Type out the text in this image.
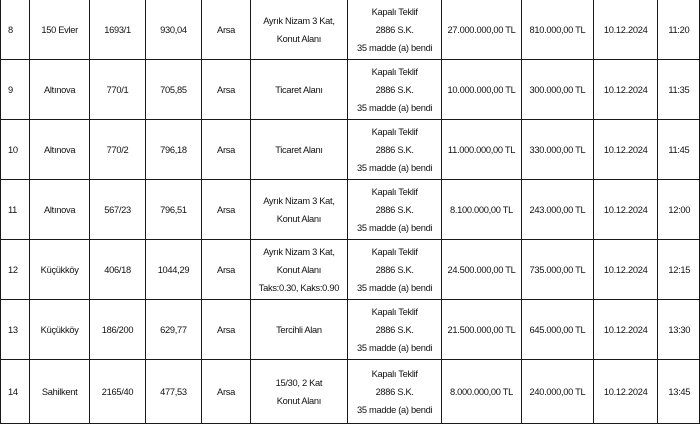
8	150 Evler	1693/1	930,04	Arsa	Ayrık Nizam 3 Kat,
Konut Alanı	Kapalı Teklif
2886 S.K.
35 madde (a) bendi	27.000.000,00 TL	810.000,00 TL	10.12.2024	11:20
9	Altınova	770/1	705,85	Arsa	Ticaret Alanı	Kapalı Teklif
2886 S.K.
35 madde (a) bendi	10.000.000,00 TL	300.000,00 TL	10.12.2024	11:35
10	Altınova	770/2	796,18	Arsa	Ticaret Alanı	Kapalı Teklif
2886 S.K.
35 madde (a) bendi	11.000.000,00 TL	330.000,00 TL	10.12.2024	11:45
11	Altınova	567/23	796,51	Arsa	Ayrık Nizam 3 Kat,
Konut Alanı	Kapalı Teklif
2886 S.K.
35 madde (a) bendi	8.100.000,00 TL	243.000,00 TL	10.12.2024	12:00
12	Küçükköy	406/18	1044,29	Arsa	Ayrık Nizam 3 Kat,
Konut Alanı
Taks:0.30, Kaks:0.90	Kapalı Teklif
2886 S.K.
35 madde (a) bendi	24.500.000,00 TL	735.000,00 TL	10.12.2024	12:15
13	Küçükköy	186/200	629,77	Arsa	Tercihli Alan	Kapalı Teklif
2886 S.K.
35 madde (a) bendi	21.500.000,00 TL	645.000,00 TL	10.12.2024	13:30
14	Sahilkent	2165/40	477,53	Arsa	15/30, 2 Kat
Konut Alanı	Kapalı Teklif
2886 S.K.
35 madde (a) bendi	8.000.000,00 TL	240.000,00 TL	10.12.2024	13:45
